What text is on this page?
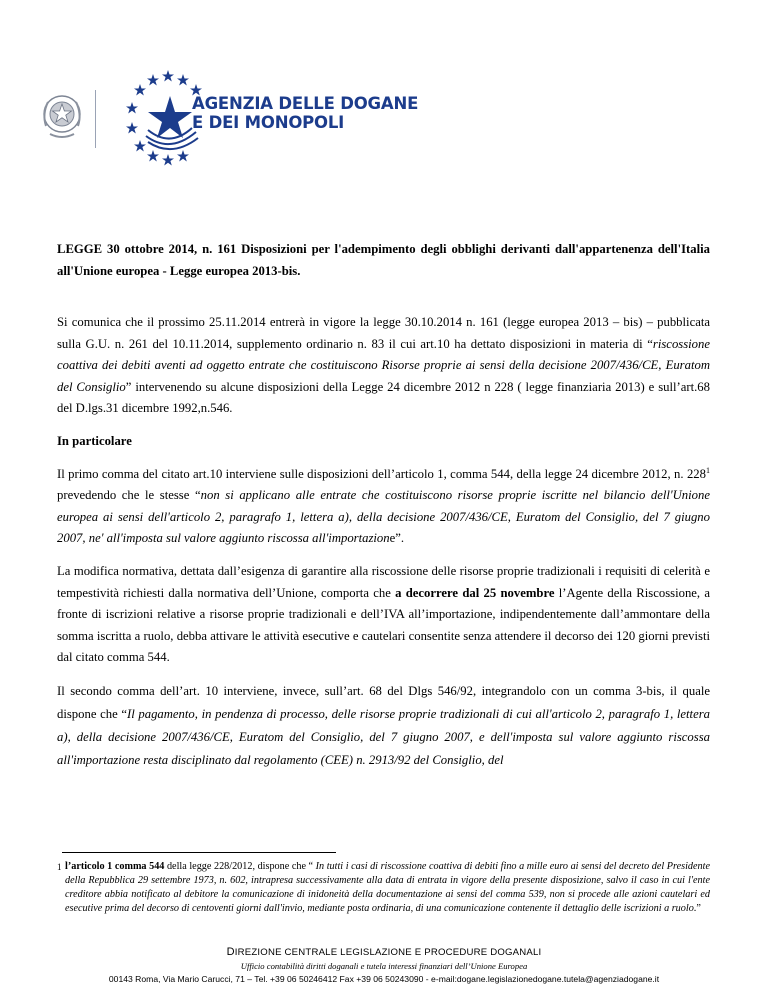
AGENZIA DELLE DOGANE
E DEI MONOPOLI

LEGGE 30 ottobre 2014, n. 161 Disposizioni per l'adempimento degli obblighi derivanti dall'appartenenza dell'Italia all'Unione europea - Legge europea 2013-bis.

Si comunica che il prossimo 25.11.2014 entrerà in vigore la legge 30.10.2014 n. 161 (legge europea 2013 – bis) – pubblicata sulla G.U. n. 261 del 10.11.2014, supplemento ordinario n. 83 il cui art.10 ha dettato disposizioni in materia di “riscossione coattiva dei debiti aventi ad oggetto entrate che costituiscono Risorse proprie ai sensi della decisione 2007/436/CE, Euratom del Consiglio” intervenendo su alcune disposizioni della Legge 24 dicembre 2012 n 228 ( legge finanziaria 2013) e sull’art.68 del D.lgs.31 dicembre 1992,n.546.

In particolare

Il primo comma del citato art.10 interviene sulle disposizioni dell’articolo 1, comma 544, della legge 24 dicembre 2012, n. $228^1$ prevedendo che le stesse “non si applicano alle entrate che costituiscono risorse proprie iscritte nel bilancio dell'Unione europea ai sensi dell'articolo 2, paragrafo 1, lettera a), della decisione 2007/436/CE, Euratom del Consiglio, del 7 giugno 2007, ne' all'imposta sul valore aggiunto riscossa all'importazione”.

La modifica normativa, dettata dall’esigenza di garantire alla riscossione delle risorse proprie tradizionali i requisiti di celerità e tempestività richiesti dalla normativa dell’Unione, comporta che a decorrere dal 25 novembre l’Agente della Riscossione, a fronte di iscrizioni relative a risorse proprie tradizionali e dell’IVA all’importazione, indipendentemente dall’ammontare della somma iscritta a ruolo, debba attivare le attività esecutive e cautelari consentite senza attendere il decorso dei 120 giorni previsti dal citato comma 544.

Il secondo comma dell’art. 10 interviene, invece, sull’art. 68 del Dlgs 546/92, integrandolo con un comma 3-bis, il quale dispone che “Il pagamento, in pendenza di processo, delle risorse proprie tradizionali di cui all'articolo 2, paragrafo 1, lettera a), della decisione 2007/436/CE, Euratom del Consiglio, del 7 giugno 2007, e dell'imposta sul valore aggiunto riscossa all'importazione resta disciplinato dal regolamento (CEE) n. 2913/92 del Consiglio, del

1 l’articolo 1 comma 544 della legge 228/2012, dispone che “ In tutti i casi di riscossione coattiva di debiti fino a mille euro ai sensi del decreto del Presidente della Repubblica 29 settembre 1973, n. 602, intrapresa successivamente alla data di entrata in vigore della presente disposizione, salvo il caso in cui l'ente creditore abbia notificato al debitore la comunicazione di inidoneità della documentazione ai sensi del comma 539, non si procede alle azioni cautelari ed esecutive prima del decorso di centoventi giorni dall'invio, mediante posta ordinaria, di una comunicazione contenente il dettaglio delle iscrizioni a ruolo.”
DIREZIONE CENTRALE LEGISLAZIONE E PROCEDURE DOGANALI
Ufficio contabilità diritti doganali e tutela interessi finanziari dell’Unione Europea
00143 Roma, Via Mario Carucci, 71 – Tel. +39 06 50246412 Fax +39 06 50243090 - e-mail:dogane.legislazionedogane.tutela@agenziadogane.it
